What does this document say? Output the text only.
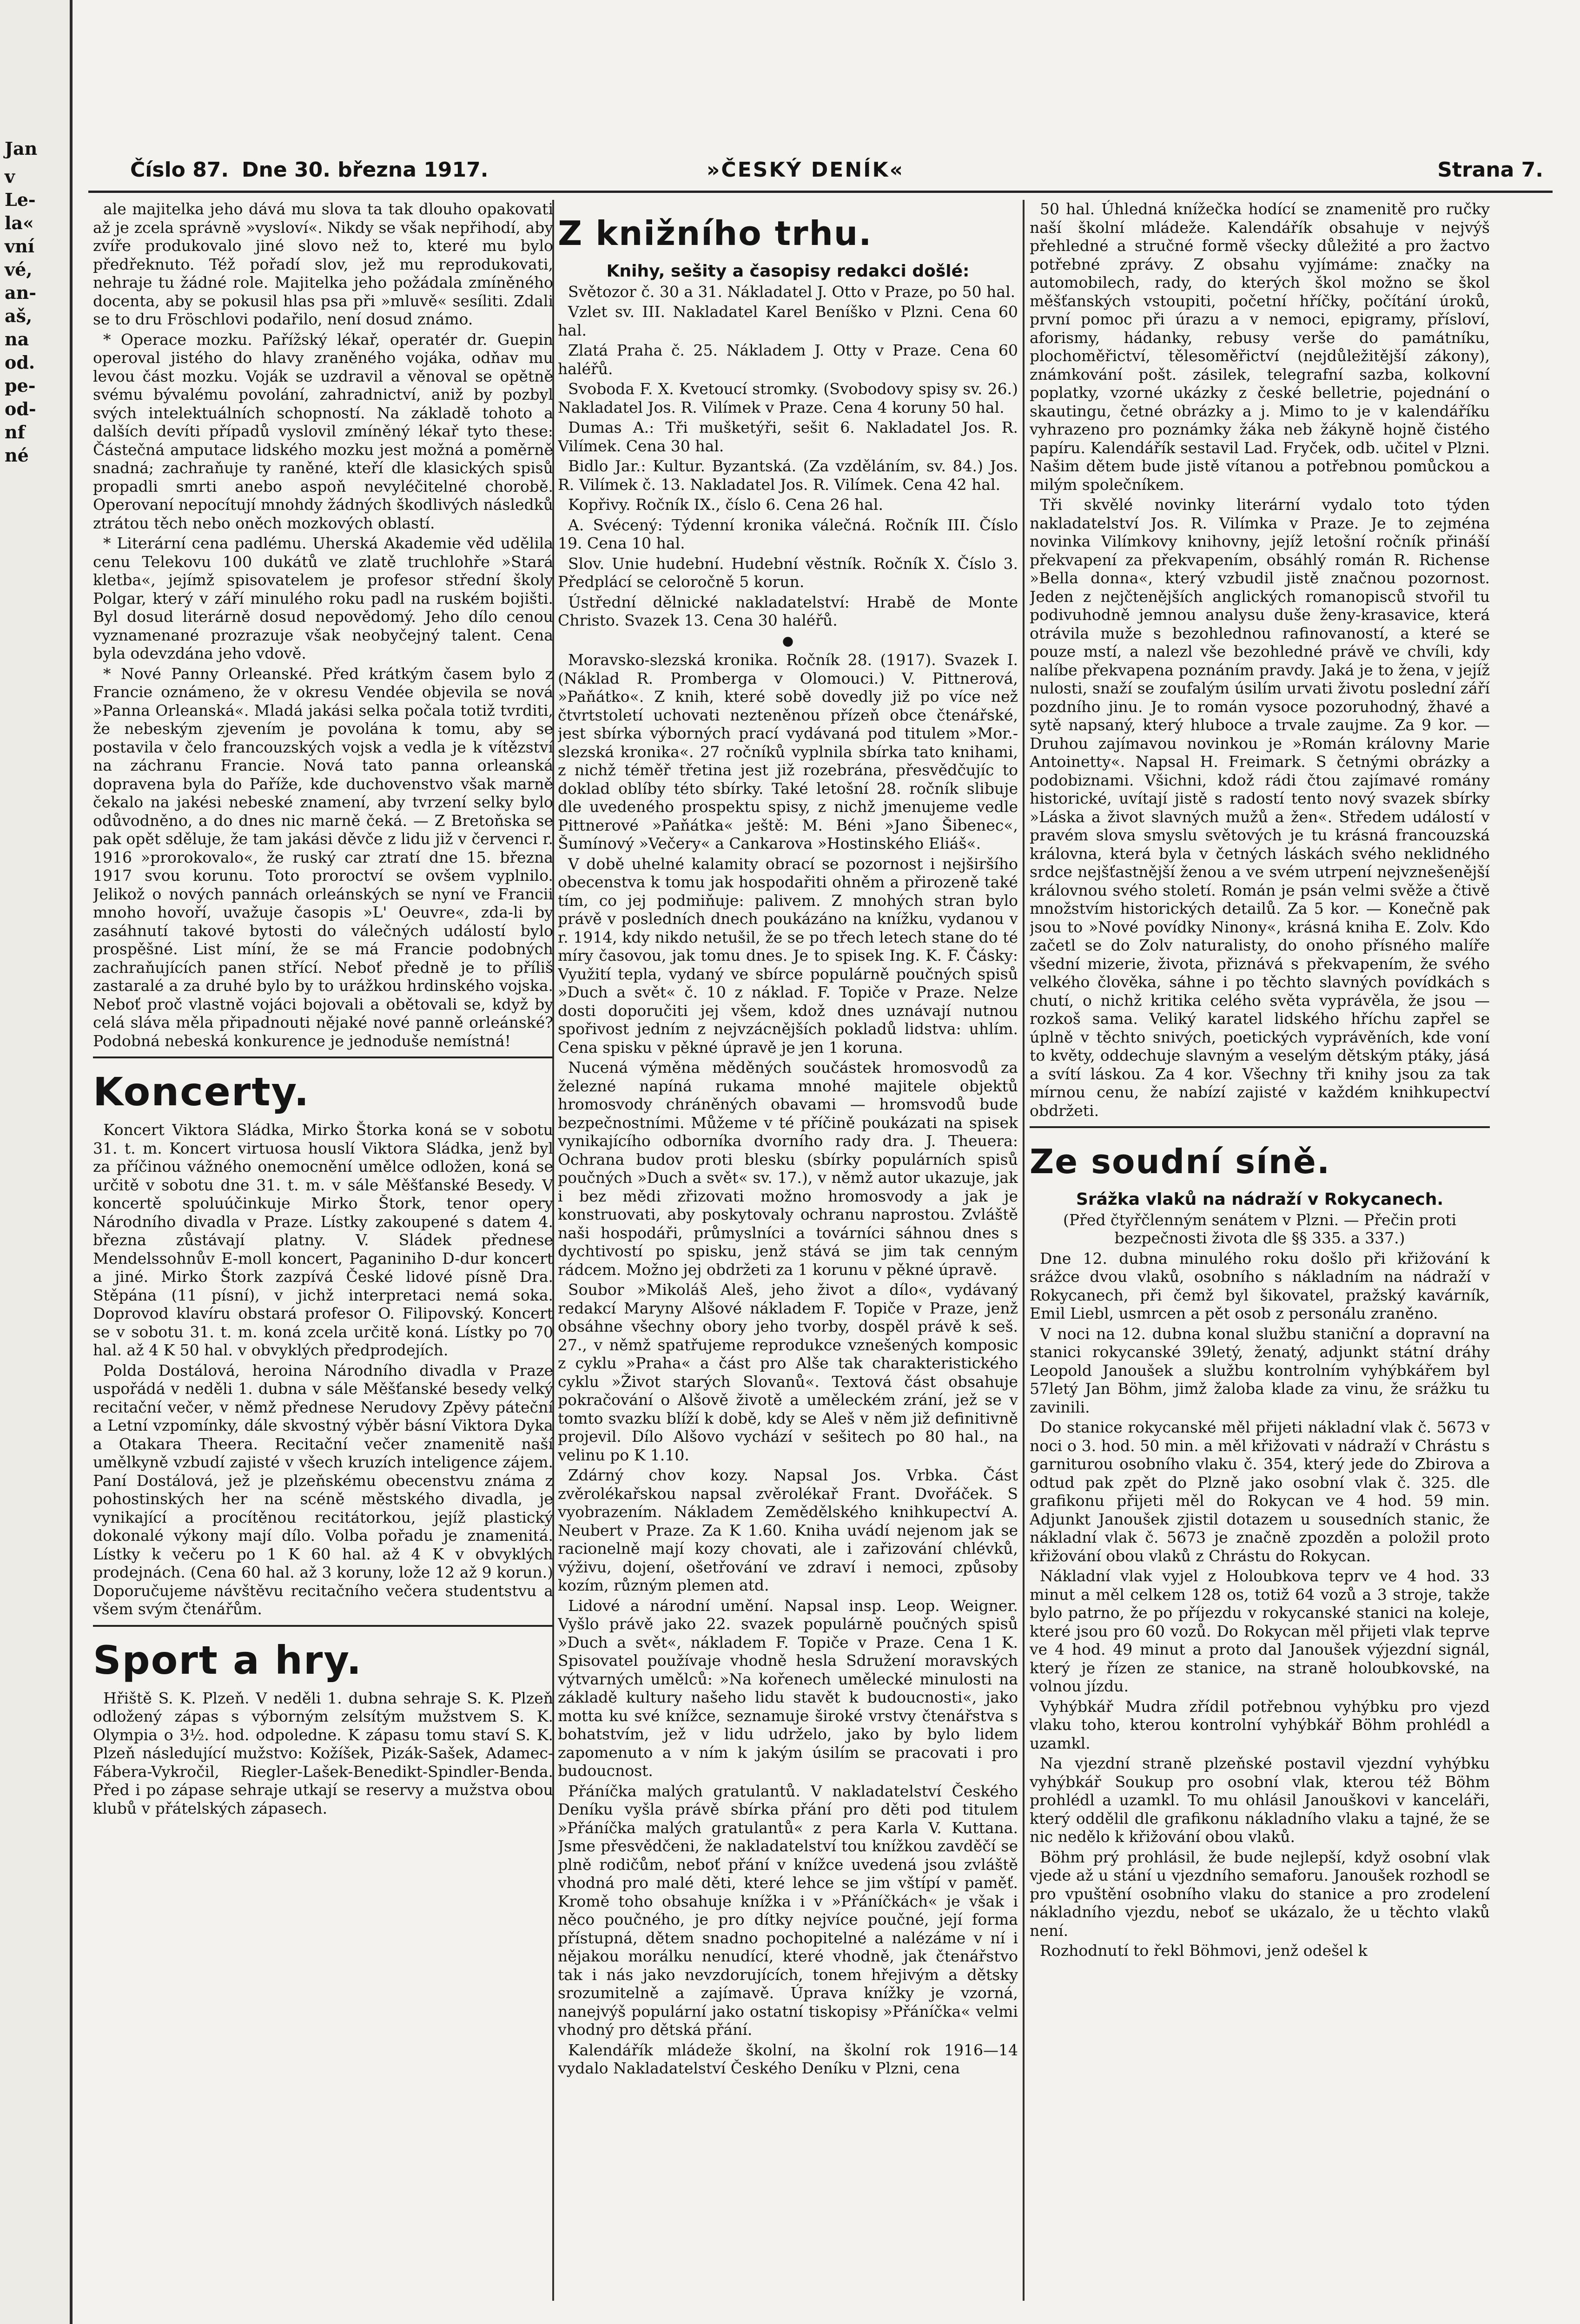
Jan
v
Le-
la«
vní
vé,
an-
aš,
na
od.
pe-
od-
nf
né
Číslo 87. Dne 30. března 1917.	»ČESKÝ DENÍK«	Strana 7.

ale majitelka jeho dává mu slova ta tak dlouho opakovati až je zcela správně »vysloví«. Nikdy se však nepřihodí, aby zvíře produkovalo jiné slovo než to, které mu bylo předřeknuto. Též pořadí slov, jež mu reprodukovati, nehraje tu žádné role. Majitelka jeho požádala zmíněného docenta, aby se pokusil hlas psa při »mluvě« sesíliti. Zdali se to dru Fröschlovi podařilo, není dosud známo.

* Operace mozku. Pařížský lékař, operatér dr. Guepin operoval jistého do hlavy zraněného vojáka, odňav mu levou část mozku. Voják se uzdravil a věnoval se opětně svému bývalému povolání, zahradnictví, aniž by pozbyl svých intelektuálních schopností. Na základě tohoto a dalších devíti případů vyslovil zmíněný lékař tyto these: Částečná amputace lidského mozku jest možná a poměrně snadná; zachraňuje ty raněné, kteří dle klasických spisů propadli smrti anebo aspoň nevyléčitelné chorobě. Operovaní nepocítují mnohdy žádných škodlivých následků ztrátou těch nebo oněch mozkových oblastí.

* Literární cena padlému. Uherská Akademie věd udělila cenu Telekovu 100 dukátů ve zlatě truchlohře »Stará kletba«, jejímž spisovatelem je profesor střední školy Polgar, který v září minulého roku padl na ruském bojišti. Byl dosud literárně dosud nepovědomý. Jeho dílo cenou vyznamenané prozrazuje však neobyčejný talent. Cena byla odevzdána jeho vdově.

* Nové Panny Orleanské. Před krátkým časem bylo z Francie oznámeno, že v okresu Vendée objevila se nová »Panna Orleanská«. Mladá jakási selka počala totiž tvrditi, že nebeským zjevením je povolána k tomu, aby se postavila v čelo francouzských vojsk a vedla je k vítězství na záchranu Francie. Nová tato panna orleanská dopravena byla do Paříže, kde duchovenstvo však marně čekalo na jakési nebeské znamení, aby tvrzení selky bylo odůvodněno, a do dnes nic marně čeká. — Z Bretoňska se pak opět sděluje, že tam jakási děvče z lidu již v červenci r. 1916 »prorokovalo«, že ruský car ztratí dne 15. března 1917 svou korunu. Toto proroctví se ovšem vyplnilo. Jelikož o nových pannách orleánských se nyní ve Francii mnoho hovoří, uvažuje časopis »L' Oeuvre«, zda-li by zasáhnutí takové bytosti do válečných událostí bylo prospěšné. List míní, že se má Francie podobných zachraňujících panen střící. Neboť předně je to příliš zastaralé a za druhé bylo by to urážkou hrdinského vojska. Neboť proč vlastně vojáci bojovali a obětovali se, když by celá sláva měla připadnouti nějaké nové panně orleánské? Podobná nebeská konkurence je jednoduše nemístná!

Koncerty.

Koncert Viktora Sládka, Mirko Štorka koná se v sobotu 31. t. m. Koncert virtuosa houslí Viktora Sládka, jenž byl za příčinou vážného onemocnění umělce odložen, koná se určitě v sobotu dne 31. t. m. v sále Měšťanské Besedy. V koncertě spoluúčinkuje Mirko Štork, tenor opery Národního divadla v Praze. Lístky zakoupené s datem 4. března zůstávají platny. V. Sládek přednese Mendelssohnův E-moll koncert, Paganiniho D-dur koncert a jiné. Mirko Štork zazpívá České lidové písně Dra. Stěpána (11 písní), v jichž interpretaci nemá soka. Doprovod klavíru obstará profesor O. Filipovský. Koncert se v sobotu 31. t. m. koná zcela určitě koná. Lístky po 70 hal. až 4 K 50 hal. v obvyklých předprodejích.

Polda Dostálová, heroina Národního divadla v Praze uspořádá v neděli 1. dubna v sále Měšťanské besedy velký recitační večer, v němž přednese Nerudovy Zpěvy páteční a Letní vzpomínky, dále skvostný výběr básní Viktora Dyka a Otakara Theera. Recitační večer znamenitě naší umělkyně vzbudí zajisté v všech kruzích inteligence zájem. Paní Dostálová, jež je plzeňskému obecenstvu známa z pohostinských her na scéně městského divadla, je vynikající a procítěnou recitátorkou, jejíž plastický dokonalé výkony mají dílo. Volba pořadu je znamenitá. Lístky k večeru po 1 K 60 hal. až 4 K v obvyklých prodejnách. (Cena 60 hal. až 3 koruny, lože 12 až 9 korun.) Doporučujeme návštěvu recitačního večera studentstvu a všem svým čtenářům.

Sport a hry.

Hřiště S. K. Plzeň. V neděli 1. dubna sehraje S. K. Plzeň odložený zápas s výborným zelsítým mužstvem S. K. Olympia o 3½. hod. odpoledne. K zápasu tomu staví S. K. Plzeň následující mužstvo: Kožíšek, Pizák-Sašek, Adamec-Fábera-Vykročil, Riegler-Lašek-Benedikt-Spindler-Benda. Před i po zápase sehraje utkají se reservy a mužstva obou klubů v přátelských zápasech.

Z knižního trhu.
Knihy, sešity a časopisy redakci došlé:

Světozor č. 30 a 31. Nákladatel J. Otto v Praze, po 50 hal.

Vzlet sv. III. Nakladatel Karel Beníško v Plzni. Cena 60 hal.

Zlatá Praha č. 25. Nákladem J. Otty v Praze. Cena 60 haléřů.

Svoboda F. X. Kvetoucí stromky. (Svobodovy spisy sv. 26.) Nakladatel Jos. R. Vilímek v Praze. Cena 4 koruny 50 hal.

Dumas A.: Tři mušketýři, sešit 6. Nakladatel Jos. R. Vilímek. Cena 30 hal.

Bidlo Jar.: Kultur. Byzantská. (Za vzděláním, sv. 84.) Jos. R. Vilímek č. 13. Nakladatel Jos. R. Vilímek. Cena 42 hal.

Kopřivy. Ročník IX., číslo 6. Cena 26 hal.

A. Svécený: Týdenní kronika válečná. Ročník III. Číslo 19. Cena 10 hal.

Slov. Unie hudební. Hudební věstník. Ročník X. Číslo 3. Předplácí se celoročně 5 korun.

Ústřední dělnické nakladatelství: Hrabě de Monte Christo. Svazek 13. Cena 30 haléřů.

●

Moravsko-slezská kronika. Ročník 28. (1917). Svazek I. (Náklad R. Promberga v Olomouci.) V. Pittnerová, »Paňátko«. Z knih, které sobě dovedly již po více než čtvrtstoletí uchovati nezteněnou přízeň obce čtenářské, jest sbírka výborných prací vydávaná pod titulem »Mor.-slezská kronika«. 27 ročníků vyplnila sbírka tato knihami, z nichž téměř třetina jest již rozebrána, přesvědčujíc to doklad oblíby této sbírky. Také letošní 28. ročník slibuje dle uvedeného prospektu spisy, z nichž jmenujeme vedle Pittnerové »Paňátka« ještě: M. Béni »Jano Šibenec«, Šumínový »Večery« a Cankarova »Hostinského Eliáš«.

V době uhelné kalamity obrací se pozornost i nejširšího obecenstva k tomu jak hospodařiti ohněm a přirozeně také tím, co jej podmiňuje: palivem. Z mnohých stran bylo právě v posledních dnech poukázáno na knížku, vydanou v r. 1914, kdy nikdo netušil, že se po třech letech stane do té míry časovou, jak tomu dnes. Je to spisek Ing. K. F. Čásky: Využití tepla, vydaný ve sbírce populárně poučných spisů »Duch a svět« č. 10 z náklad. F. Topiče v Praze. Nelze dosti doporučiti jej všem, kdož dnes uznávají nutnou spořivost jedním z nejvzácnějších pokladů lidstva: uhlím. Cena spisku v pěkné úpravě je jen 1 koruna.

Nucená výměna měděných součástek hromosvodů za železné napíná rukama mnohé majitele objektů hromosvody chráněných obavami — hromsvodů bude bezpečnostními. Můžeme v té příčině poukázati na spisek vynikajícího odborníka dvorního rady dra. J. Theuera: Ochrana budov proti blesku (sbírky populárních spisů poučných »Duch a svět« sv. 17.), v němž autor ukazuje, jak i bez mědi zřizovati možno hromosvody a jak je konstruovati, aby poskytovaly ochranu naprostou. Zvláště naši hospodáři, průmyslníci a továrníci sáhnou dnes s dychtivostí po spisku, jenž stává se jim tak cenným rádcem. Možno jej obdržeti za 1 korunu v pěkné úpravě.

Soubor »Mikoláš Aleš, jeho život a dílo«, vydávaný redakcí Maryny Alšové nákladem F. Topiče v Praze, jenž obsáhne všechny obory jeho tvorby, dospěl právě k seš. 27., v němž spatřujeme reprodukce vznešených komposic z cyklu »Praha« a část pro Alše tak charakteristického cyklu »Život starých Slovanů«. Textová část obsahuje pokračování o Alšově životě a uměleckém zrání, jež se v tomto svazku blíží k době, kdy se Aleš v něm již definitivně projevil. Dílo Alšovo vychází v sešitech po 80 hal., na velinu po K 1.10.

Zdárný chov kozy. Napsal Jos. Vrbka. Část zvěrolékařskou napsal zvěrolékař Frant. Dvořáček. S vyobrazením. Nákladem Zemědělského knihkupectví A. Neubert v Praze. Za K 1.60. Kniha uvádí nejenom jak se racionelně mají kozy chovati, ale i zařizování chlévků, výživu, dojení, ošetřování ve zdraví i nemoci, způsoby kozím, různým plemen atd.

Lidové a národní umění. Napsal insp. Leop. Weigner. Vyšlo právě jako 22. svazek populárně poučných spisů »Duch a svět«, nákladem F. Topiče v Praze. Cena 1 K. Spisovatel používaje vhodně hesla Sdružení moravských výtvarných umělců: »Na kořenech umělecké minulosti na základě kultury našeho lidu stavět k budoucnosti«, jako motta ku své knížce, seznamuje široké vrstvy čtenářstva s bohatstvím, jež v lidu udrželo, jako by bylo lidem zapomenuto a v ním k jakým úsilím se pracovati i pro budoucnost.

Přáníčka malých gratulantů. V nakladatelství Českého Deníku vyšla právě sbírka přání pro děti pod titulem »Přáníčka malých gratulantů« z pera Karla V. Kuttana. Jsme přesvědčeni, že nakladatelství tou knížkou zavděčí se plně rodičům, neboť přání v knížce uvedená jsou zvláště vhodná pro malé děti, které lehce se jim vštípí v paměť. Kromě toho obsahuje knížka i v »Přáníčkách« je však i něco poučného, je pro dítky nejvíce poučné, její forma přístupná, dětem snadno pochopitelné a nalézáme v ní i nějakou morálku nenudící, které vhodně, jak čtenářstvo tak i nás jako nevzdorujících, tonem hřejivým a dětsky srozumitelně a zajímavě. Úprava knížky je vzorná, nanejvýš populární jako ostatní tiskopisy »Přáníčka« velmi vhodný pro dětská přání.

Kalendářík mládeže školní, na školní rok 1916—14 vydalo Nakladatelství Českého Deníku v Plzni, cena

50 hal. Úhledná knížečka hodící se znamenitě pro ručky naší školní mládeže. Kalendářík obsahuje v nejvýš přehledné a stručné formě všecky důležité a pro žactvo potřebné zprávy. Z obsahu vyjímáme: značky na automobilech, rady, do kterých škol možno se škol měšťanských vstoupiti, početní hříčky, počítání úroků, první pomoc při úrazu a v nemoci, epigramy, přísloví, aforismy, hádanky, rebusy verše do památníku, plochoměřictví, tělesoměřictví (nejdůležitější zákony), známkování pošt. zásilek, telegrafní sazba, kolkovní poplatky, vzorné ukázky z české belletrie, pojednání o skautingu, četné obrázky a j. Mimo to je v kalendáříku vyhrazeno pro poznámky žáka neb žákyně hojně čistého papíru. Kalendářík sestavil Lad. Fryček, odb. učitel v Plzni. Našim dětem bude jistě vítanou a potřebnou pomůckou a milým společníkem.

Tři skvělé novinky literární vydalo toto týden nakladatelství Jos. R. Vilímka v Praze. Je to zejména novinka Vilímkovy knihovny, jejíž letošní ročník přináší překvapení za překvapením, obsáhlý román R. Richense »Bella donna«, který vzbudil jistě značnou pozornost. Jeden z nejčtenějších anglických romanopisců stvořil tu podivuhodně jemnou analysu duše ženy-krasavice, která otrávila muže s bezohlednou rafinovaností, a které se pouze mstí, a nalezl vše bezohledné právě ve chvíli, kdy nalíbe překvapena poznáním pravdy. Jaká je to žena, v jejíž nulosti, snaží se zoufalým úsilím urvati životu poslední září pozdního jinu. Je to román vysoce pozoruhodný, žhavé a sytě napsaný, který hluboce a trvale zaujme. Za 9 kor. — Druhou zajímavou novinkou je »Román královny Marie Antoinetty«. Napsal H. Freimark. S četnými obrázky a podobiznami. Všichni, kdož rádi čtou zajímavé romány historické, uvítají jistě s radostí tento nový svazek sbírky »Láska a život slavných mužů a žen«. Středem událostí v pravém slova smyslu světových je tu krásná francouzská královna, která byla v četných láskách svého neklidného srdce nejšťastnější ženou a ve svém utrpení nejvznešenější královnou svého století. Román je psán velmi svěže a čtivě množstvím historických detailů. Za 5 kor. — Konečně pak jsou to »Nové povídky Ninony«, krásná kniha E. Zolv. Kdo začetl se do Zolv naturalisty, do onoho přísného malíře všední mizerie, života, přiznává s překvapením, že svého velkého člověka, sáhne i po těchto slavných povídkách s chutí, o nichž kritika celého světa vyprávěla, že jsou — rozkoš sama. Veliký karatel lidského hříchu zapřel se úplně v těchto snivých, poetických vyprávěních, kde voní to květy, oddechuje slavným a veselým dětským ptáky, jásá a svítí láskou. Za 4 kor. Všechny tři knihy jsou za tak mírnou cenu, že nabízí zajisté v každém knihkupectví obdržeti.

Ze soudní síně.
Srážka vlaků na nádraží v Rokycanech.

(Před čtyřčlenným senátem v Plzni. — Přečin proti bezpečnosti života dle §§ 335. a 337.)

Dne 12. dubna minulého roku došlo při křižování k srážce dvou vlaků, osobního s nákladním na nádraží v Rokycanech, při čemž byl šikovatel, pražský kavárník, Emil Liebl, usmrcen a pět osob z personálu zraněno.

V noci na 12. dubna konal službu staniční a dopravní na stanici rokycanské 39letý, ženatý, adjunkt státní dráhy Leopold Janoušek a službu kontrolním vyhýbkářem byl 57letý Jan Böhm, jimž žaloba klade za vinu, že srážku tu zavinili.

Do stanice rokycanské měl přijeti nákladní vlak č. 5673 v noci o 3. hod. 50 min. a měl křižovati v nádraží v Chrástu s garniturou osobního vlaku č. 354, který jede do Zbirova a odtud pak zpět do Plzně jako osobní vlak č. 325. dle grafikonu přijeti měl do Rokycan ve 4 hod. 59 min. Adjunkt Janoušek zjistil dotazem u sousedních stanic, že nákladní vlak č. 5673 je značně zpozděn a položil proto křižování obou vlaků z Chrástu do Rokycan.

Nákladní vlak vyjel z Holoubkova teprv ve 4 hod. 33 minut a měl celkem 128 os, totiž 64 vozů a 3 stroje, takže bylo patrno, že po příjezdu v rokycanské stanici na koleje, které jsou pro 60 vozů. Do Rokycan měl přijeti vlak teprve ve 4 hod. 49 minut a proto dal Janoušek výjezdní signál, který je řízen ze stanice, na straně holoubkovské, na volnou jízdu.

Vyhýbkář Mudra zřídil potřebnou vyhýbku pro vjezd vlaku toho, kterou kontrolní vyhýbkář Böhm prohlédl a uzamkl.

Na vjezdní straně plzeňské postavil vjezdní vyhýbku vyhýbkář Soukup pro osobní vlak, kterou též Böhm prohlédl a uzamkl. To mu ohlásil Janouškovi v kanceláři, který oddělil dle grafikonu nákladního vlaku a tajné, že se nic nedělo k křižování obou vlaků.

Böhm prý prohlásil, že bude nejlepší, když osobní vlak vjede až u stání u vjezdního semaforu. Janoušek rozhodl se pro vpuštění osobního vlaku do stanice a pro zrodelení nákladního vjezdu, neboť se ukázalo, že u těchto vlaků není.

Rozhodnutí to řekl Böhmovi, jenž odešel k
